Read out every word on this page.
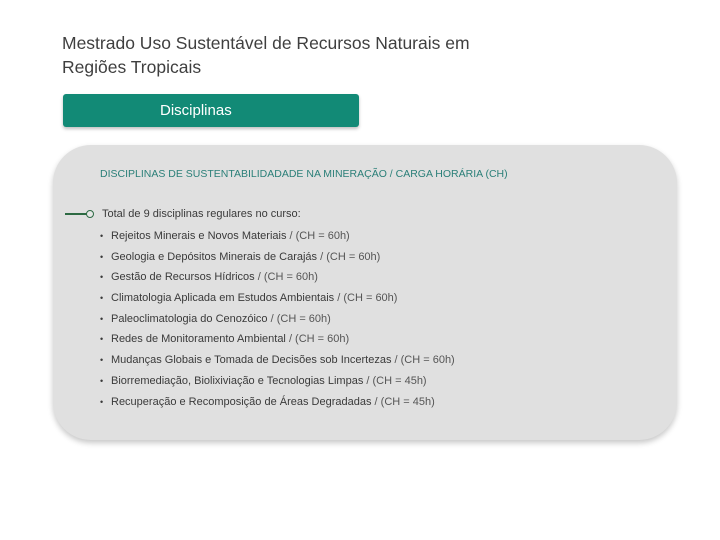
Mestrado Uso Sustentável de Recursos Naturais em
Regiões Tropicais
Disciplinas
DISCIPLINAS DE SUSTENTABILIDADADE NA MINERAÇÃO / CARGA HORÁRIA (CH)
Total de 9 disciplinas regulares no curso:
• Rejeitos Minerais e Novos Materiais / (CH = 60h)
• Geologia e Depósitos Minerais de Carajás / (CH = 60h)
• Gestão de Recursos Hídricos / (CH = 60h)
• Climatologia Aplicada em Estudos Ambientais / (CH = 60h)
• Paleoclimatologia do Cenozóico / (CH = 60h)
• Redes de Monitoramento Ambiental / (CH = 60h)
• Mudanças Globais e Tomada de Decisões sob Incertezas / (CH = 60h)
• Biorremediação, Biolixiviação e Tecnologias Limpas / (CH = 45h)
• Recuperação e Recomposição de Áreas Degradadas / (CH = 45h)
